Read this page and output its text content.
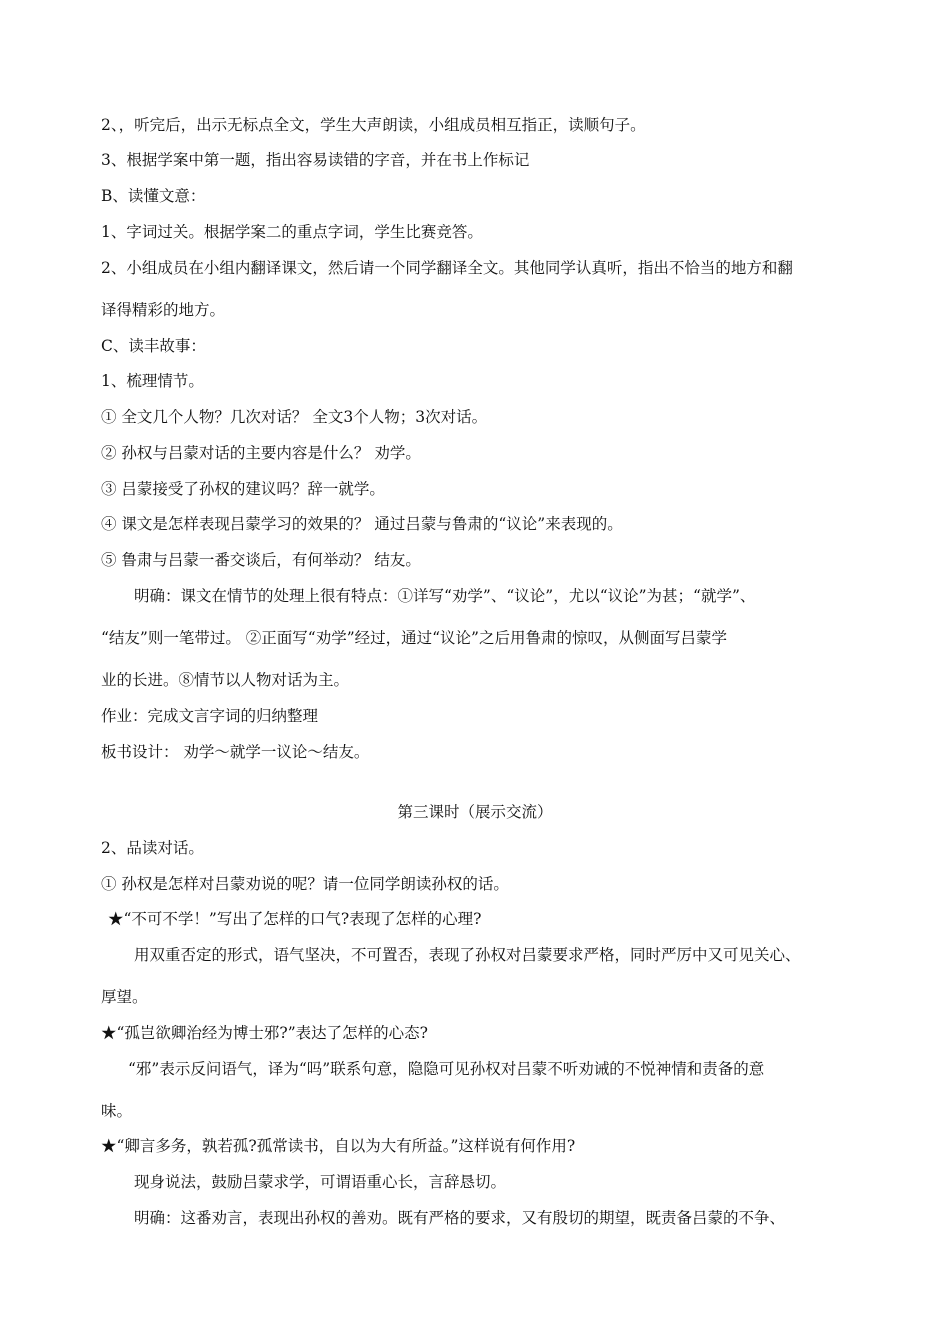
2、，听完后，出示无标点全文，学生大声朗读，小组成员相互指正，读顺句子。
3、根据学案中第一题，指出容易读错的字音，并在书上作标记
B、读懂文意：
1、字词过关。根据学案二的重点字词，学生比赛竞答。
2、小组成员在小组内翻译课文，然后请一个同学翻译全文。其他同学认真听，指出不恰当的地方和翻
译得精彩的地方。
C、读丰故事：
1、梳理情节。
① 全文几个人物？几次对话？ 全文3个人物；3次对话。
② 孙权与吕蒙对话的主要内容是什么？ 劝学。
③ 吕蒙接受了孙权的建议吗？辞一就学。
④ 课文是怎样表现吕蒙学习的效果的？ 通过吕蒙与鲁肃的“议论”来表现的。
⑤ 鲁肃与吕蒙一番交谈后，有何举动？ 结友。
明确：课文在情节的处理上很有特点：①详写“劝学”、“议论”，尤以“议论”为甚；“就学”、
“结友”则一笔带过。 ②正面写“劝学”经过，通过“议论”之后用鲁肃的惊叹，从侧面写吕蒙学
业的长进。⑧情节以人物对话为主。
作业：完成文言字词的归纳整理
板书设计： 劝学～就学一议论～结友。
第三课时（展示交流）
2、品读对话。
① 孙权是怎样对吕蒙劝说的呢？请一位同学朗读孙权的话。
★“不可不学！”写出了怎样的口气?表现了怎样的心理?
用双重否定的形式，语气坚决，不可置否，表现了孙权对吕蒙要求严格，同时严厉中又可见关心、
厚望。
★“孤岂欲卿治经为博士邪?”表达了怎样的心态?
“邪”表示反问语气，译为“吗”联系句意，隐隐可见孙权对吕蒙不听劝诫的不悦神情和责备的意
味。
★“卿言多务，孰若孤?孤常读书，自以为大有所益。”这样说有何作用?
现身说法，鼓励吕蒙求学，可谓语重心长，言辞恳切。
明确：这番劝言，表现出孙权的善劝。既有严格的要求，又有殷切的期望，既责备吕蒙的不争、
